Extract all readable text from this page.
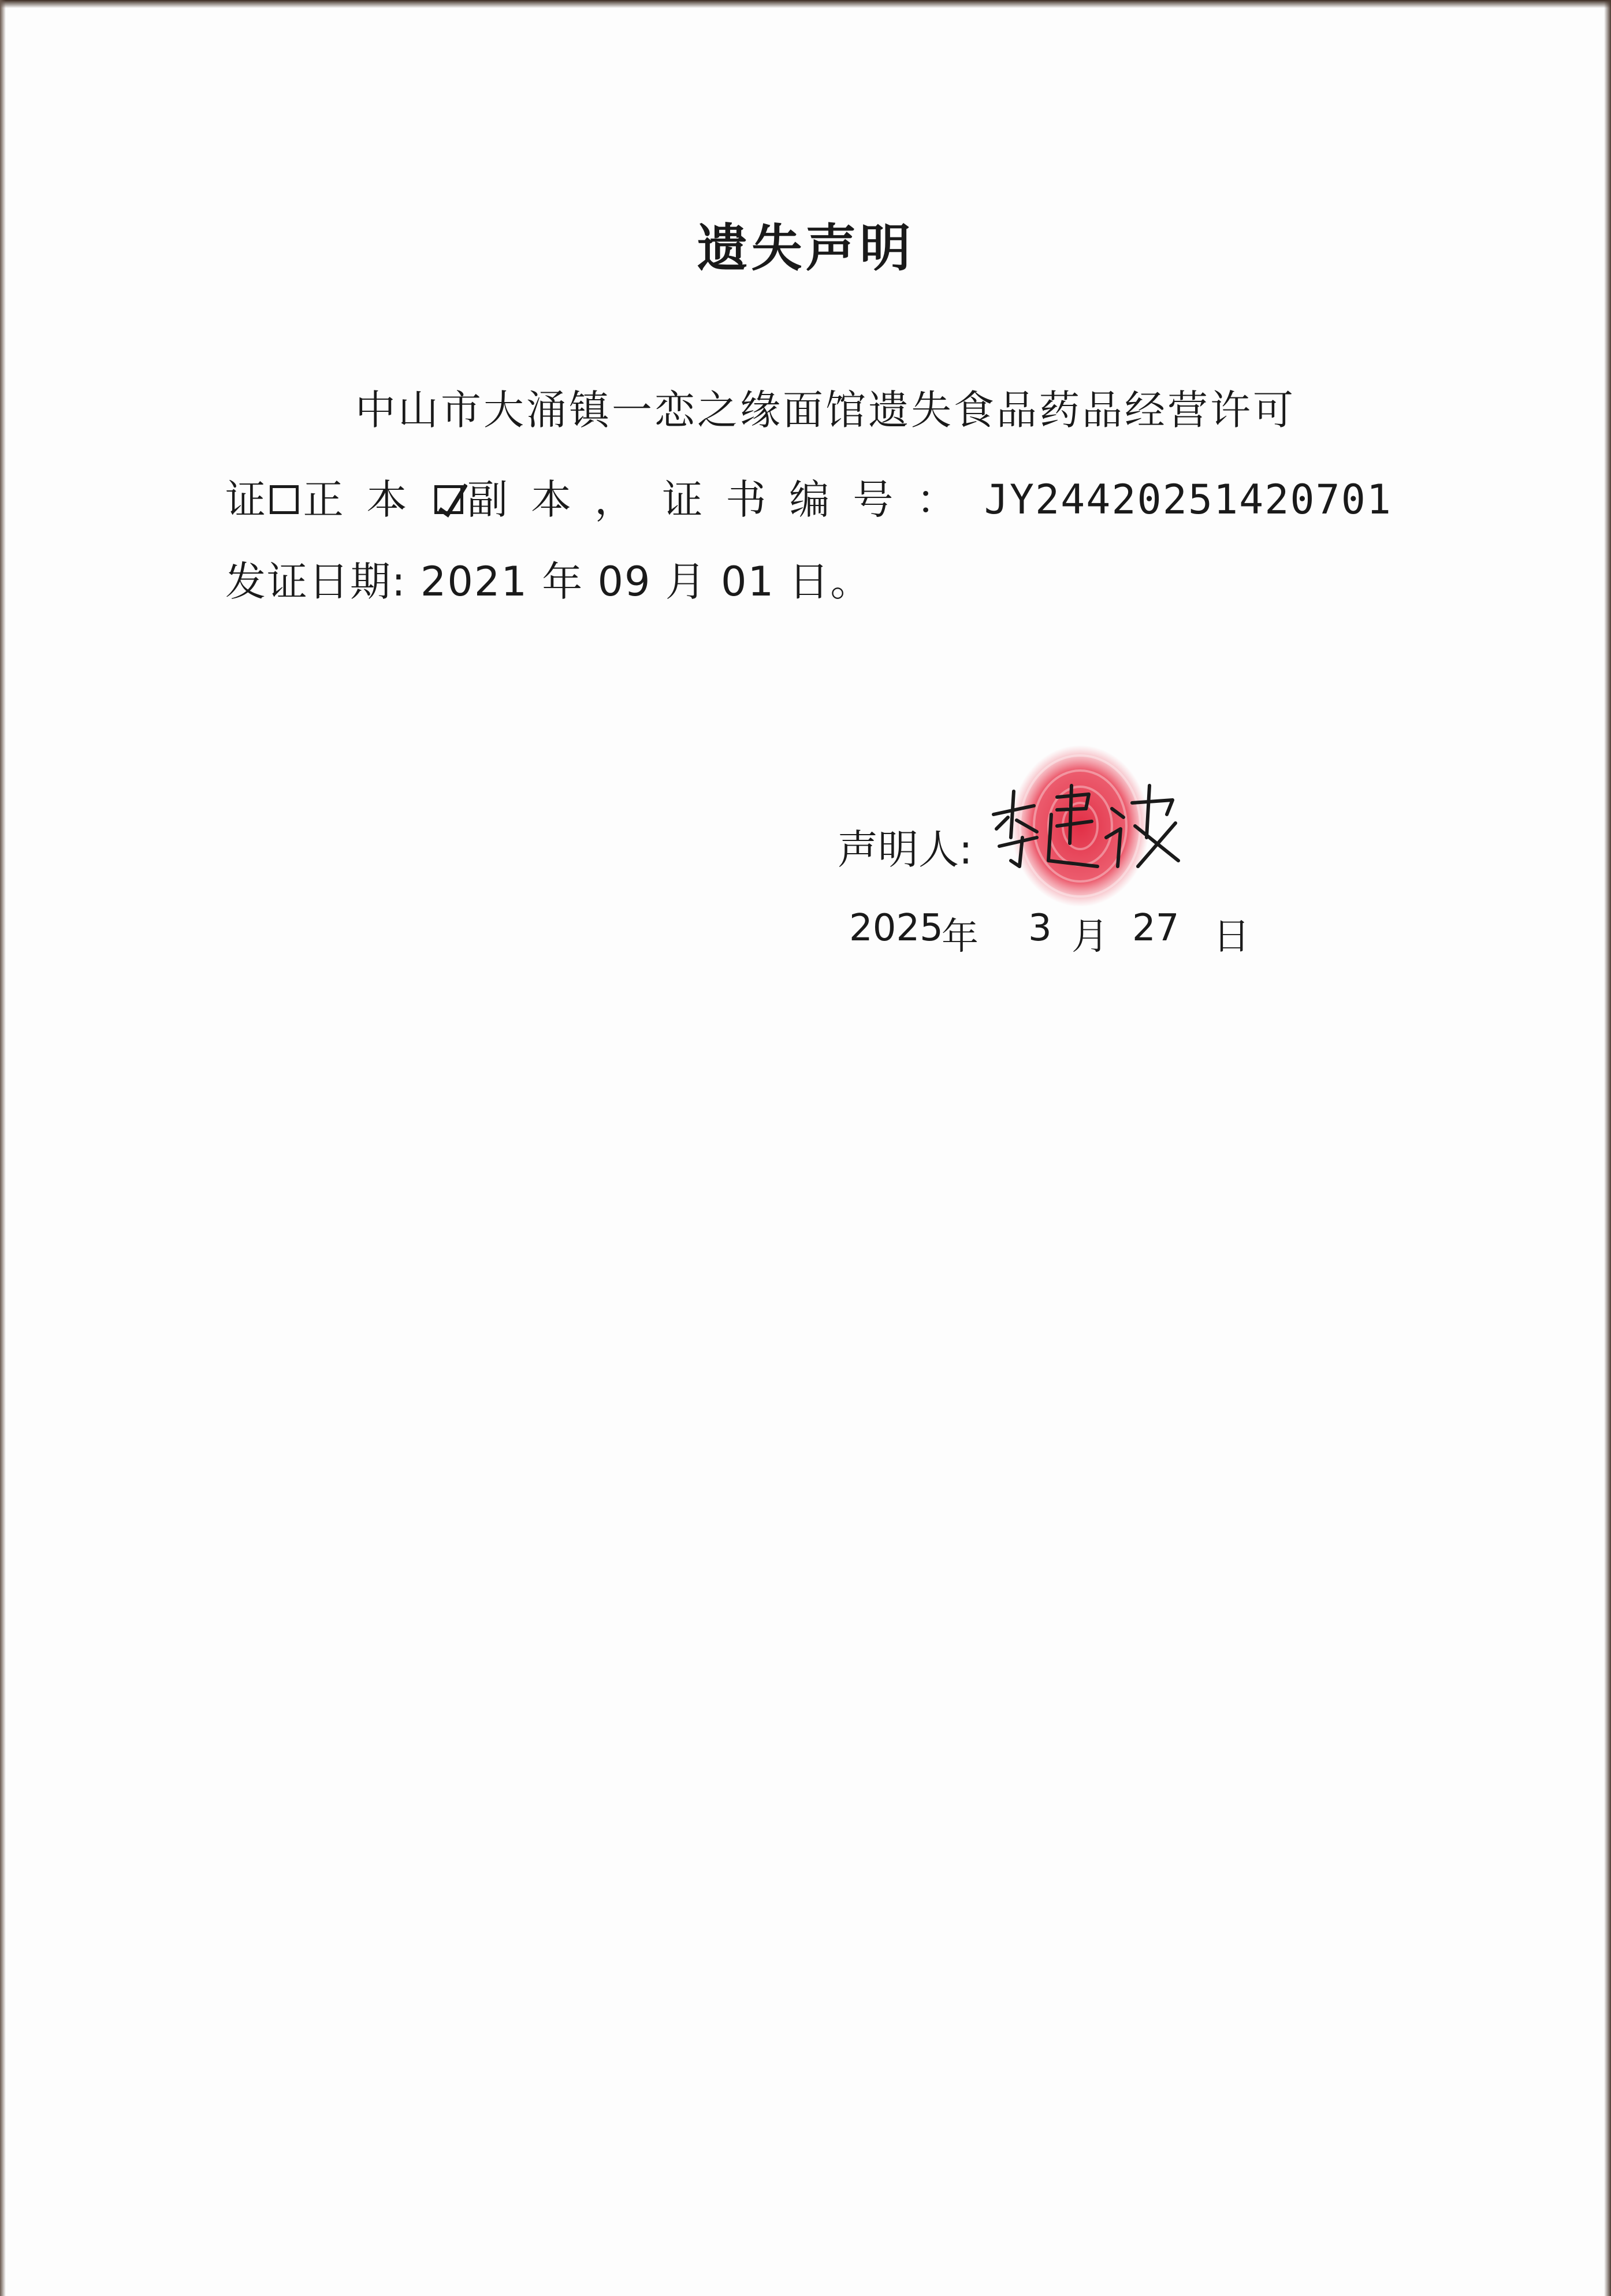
遗失声明
中山市大涌镇一恋之缘面馆遗失食品药品经营许可
证 正本 副本， 证书编号： JY24420251420701
发证日期: 2021 年 09 月 01 日。
声明人:
2025
年 3 月 27 日
